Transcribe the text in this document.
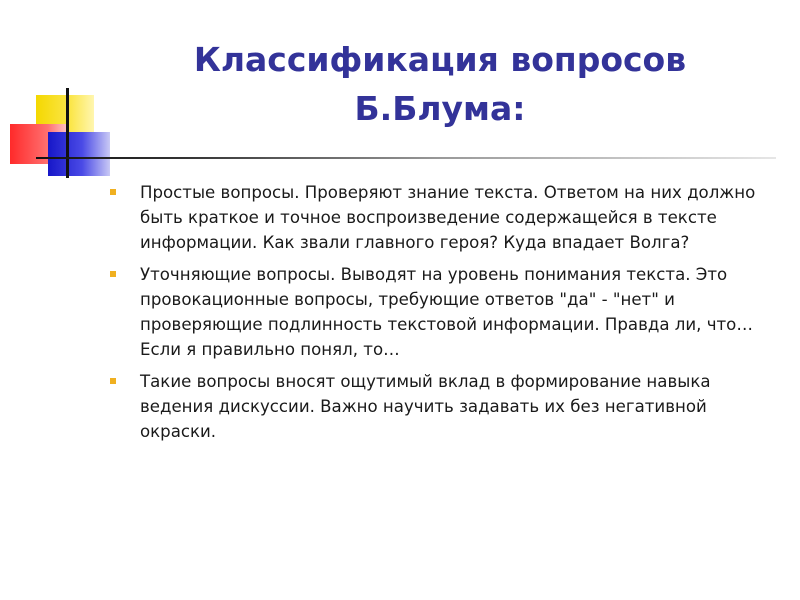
Классификация вопросов
Б.Блума:
Простые вопросы. Проверяют знание текста. Ответом на них должно быть краткое и точное воспроизведение содержащейся в тексте информации. Как звали главного героя? Куда впадает Волга?
Уточняющие вопросы. Выводят на уровень понимания текста. Это провокационные вопросы, требующие ответов "да" - "нет" и проверяющие подлинность текстовой информации. Правда ли, что… Если я правильно понял, то…
Такие вопросы вносят ощутимый вклад в формирование навыка ведения дискуссии. Важно научить задавать их без негативной окраски.
